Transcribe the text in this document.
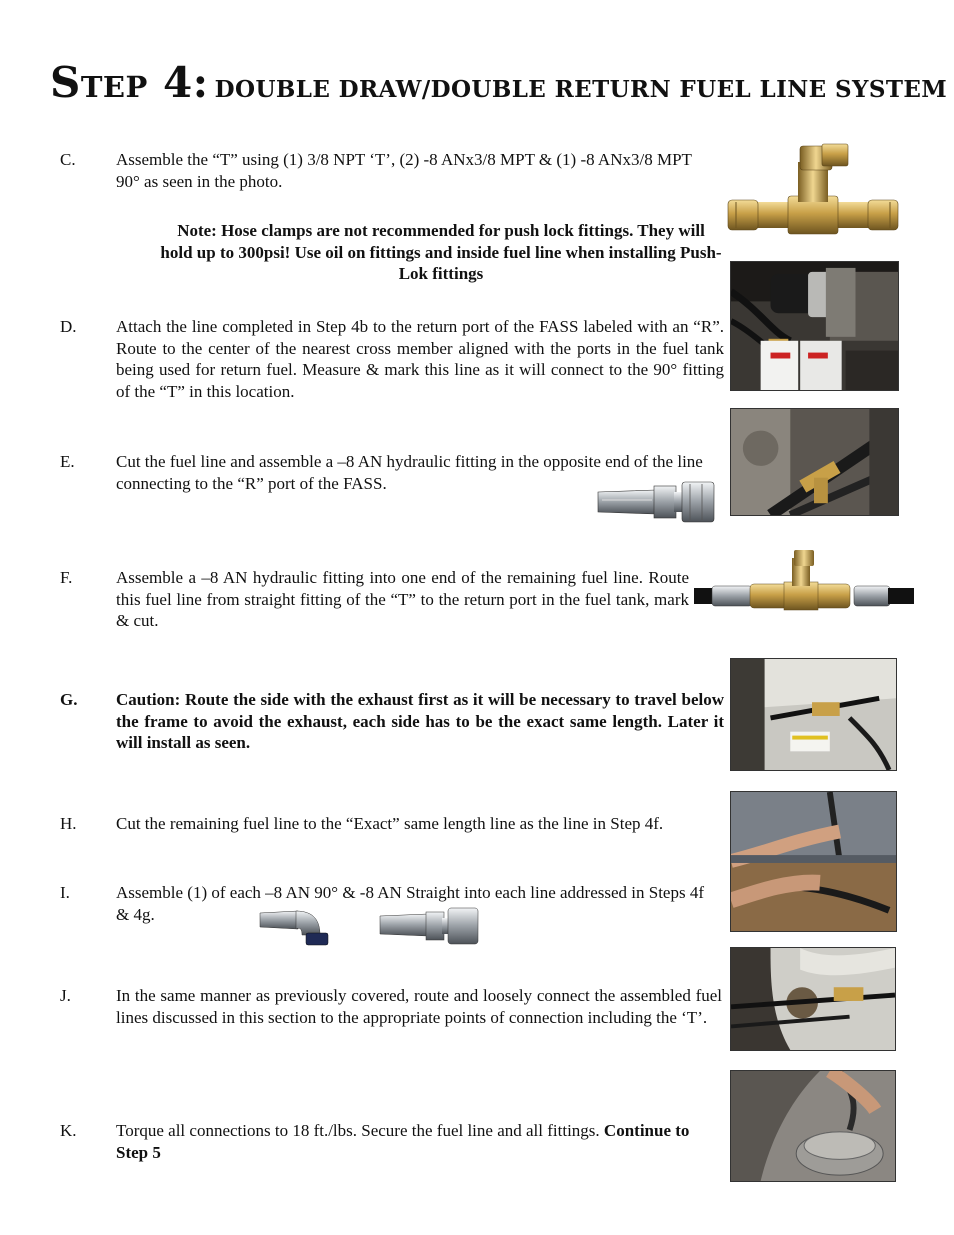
Step 4: DOUBLE DRAW/DOUBLE RETURN FUEL LINE SYSTEM
C. Assemble the “T” using (1) 3/8 NPT ‘T’, (2) -8 ANx3/8 MPT & (1) -8 ANx3/8 MPT 90° as seen in the photo.
Note: Hose clamps are not recommended for push lock fittings. They will hold up to 300psi! Use oil on fittings and inside fuel line when installing Push-Lok fittings
D. Attach the line completed in Step 4b to the return port of the FASS labeled with an “R”. Route to the center of the nearest cross member aligned with the ports in the fuel tank being used for return fuel. Measure & mark this line as it will connect to the 90° fitting of the “T” in this location.
E. Cut the fuel line and assemble a –8 AN hydraulic fitting in the opposite end of the line connecting to the “R” port of the FASS.
F.	Assemble a –8 AN hydraulic fitting into one end of the remaining fuel line. Route this fuel line from straight fitting of the “T” to the return port in the fuel tank, mark & cut.
G. Caution: Route the side with the exhaust first as it will be necessary to travel below the frame to avoid the exhaust, each side has to be the exact same length. Later it will install as seen.
H. Cut the remaining fuel line to the “Exact” same length line as the line in Step 4f.
I.	Assemble (1) of each –8 AN 90° & -8 AN Straight into each line addressed in Steps 4f & 4g.
J.	In the same manner as previously covered, route and loosely connect the assembled fuel lines discussed in this section to the appropriate points of connection including the ‘T’.
K. Torque all connections to 18 ft./lbs. Secure the fuel line and all fittings. Continue to Step 5
